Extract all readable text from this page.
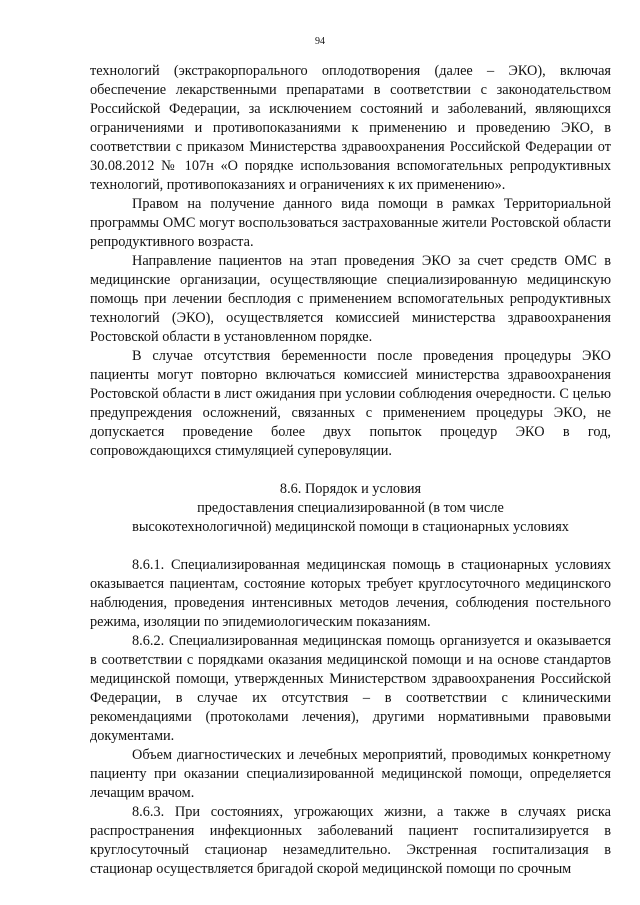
94

технологий (экстракорпорального оплодотворения (далее – ЭКО), включая обеспечение лекарственными препаратами в соответствии с законодательством Российской Федерации, за исключением состояний и заболеваний, являющихся ограничениями и противопоказаниями к применению и проведению ЭКО, в соответствии с приказом Министерства здравоохранения Российской Федерации от 30.08.2012 № 107н «О порядке использования вспомогательных репродуктивных технологий, противопоказаниях и ограничениях к их применению».

Правом на получение данного вида помощи в рамках Территориальной программы ОМС могут воспользоваться застрахованные жители Ростовской области репродуктивного возраста.

Направление пациентов на этап проведения ЭКО за счет средств ОМС в медицинские организации, осуществляющие специализированную медицинскую помощь при лечении бесплодия с применением вспомогательных репродуктивных технологий (ЭКО), осуществляется комиссией министерства здравоохранения Ростовской области в установленном порядке.

В случае отсутствия беременности после проведения процедуры ЭКО пациенты могут повторно включаться комиссией министерства здравоохранения Ростовской области в лист ожидания при условии соблюдения очередности. С целью предупреждения осложнений, связанных с применением процедуры ЭКО, не допускается проведение более двух попыток процедур ЭКО в год, сопровождающихся стимуляцией суперовуляции.

8.6. Порядок и условия
предоставления специализированной (в том числе
высокотехнологичной) медицинской помощи в стационарных условиях

8.6.1. Специализированная медицинская помощь в стационарных условиях оказывается пациентам, состояние которых требует круглосуточного медицинского наблюдения, проведения интенсивных методов лечения, соблюдения постельного режима, изоляции по эпидемиологическим показаниям.

8.6.2. Специализированная медицинская помощь организуется и оказывается в соответствии с порядками оказания медицинской помощи и на основе стандартов медицинской помощи, утвержденных Министерством здравоохранения Российской Федерации, в случае их отсутствия – в соответствии с клиническими рекомендациями (протоколами лечения), другими нормативными правовыми документами.

Объем диагностических и лечебных мероприятий, проводимых конкретному пациенту при оказании специализированной медицинской помощи, определяется лечащим врачом.

8.6.3. При состояниях, угрожающих жизни, а также в случаях риска распространения инфекционных заболеваний пациент госпитализируется в круглосуточный стационар незамедлительно. Экстренная госпитализация в стационар осуществляется бригадой скорой медицинской помощи по срочным
